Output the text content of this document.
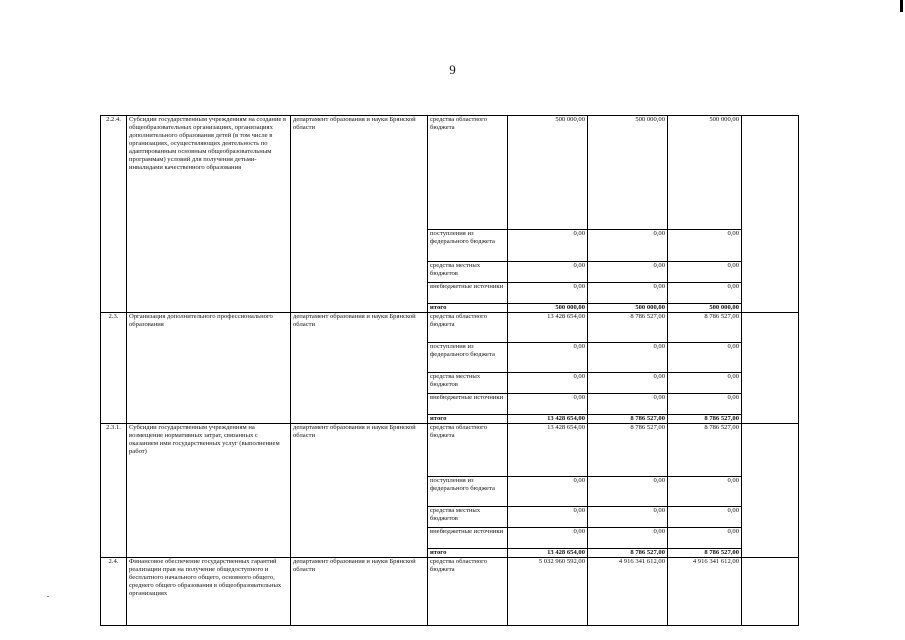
9
2.2.4.	Субсидии государственным учреждениям на создание в общеобразовательных организациях, организациях дополнительного образования детей (в том числе в организациях, осуществляющих деятельность по адаптированным основным общеобразовательным программам) условий для получения детьми-инвалидами качественного образования	департамент образования и науки Брянской области	средства областного бюджета	500 000,00	500 000,00	500 000,00	
			поступления из федерального бюджета	0,00	0,00	0,00	
			средства местных бюджетов	0,00	0,00	0,00	
			внебюджетные источники	0,00	0,00	0,00	
			итого	500 000,00	500 000,00	500 000,00	
2.3.	Организация дополнительного профессионального образования	департамент образования и науки Брянской области	средства областного бюджета	13 428 654,00	8 786 527,00	8 786 527,00	
			поступления из федерального бюджета	0,00	0,00	0,00	
			средства местных бюджетов	0,00	0,00	0,00	
			внебюджетные источники	0,00	0,00	0,00	
			итого	13 428 654,00	8 786 527,00	8 786 527,00	
2.3.1.	Субсидии государственным учреждениям на возмещение нормативных затрат, связанных с оказанием ими государственных услуг (выполнением работ)	департамент образования и науки Брянской области	средства областного бюджета	13 428 654,00	8 786 527,00	8 786 527,00	
			поступления из федерального бюджета	0,00	0,00	0,00	
			средства местных бюджетов	0,00	0,00	0,00	
			внебюджетные источники	0,00	0,00	0,00	
			итого	13 428 654,00	8 786 527,00	8 786 527,00	
2.4.	Финансовое обеспечение государственных гарантий реализации прав на получение общедоступного и бесплатного начального общего, основного общего, среднего общего образования в общеобразовательных организациях	департамент образования и науки Брянской области	средства областного бюджета	5 032 960 592,00	4 916 341 612,00	4 916 341 612,00	
